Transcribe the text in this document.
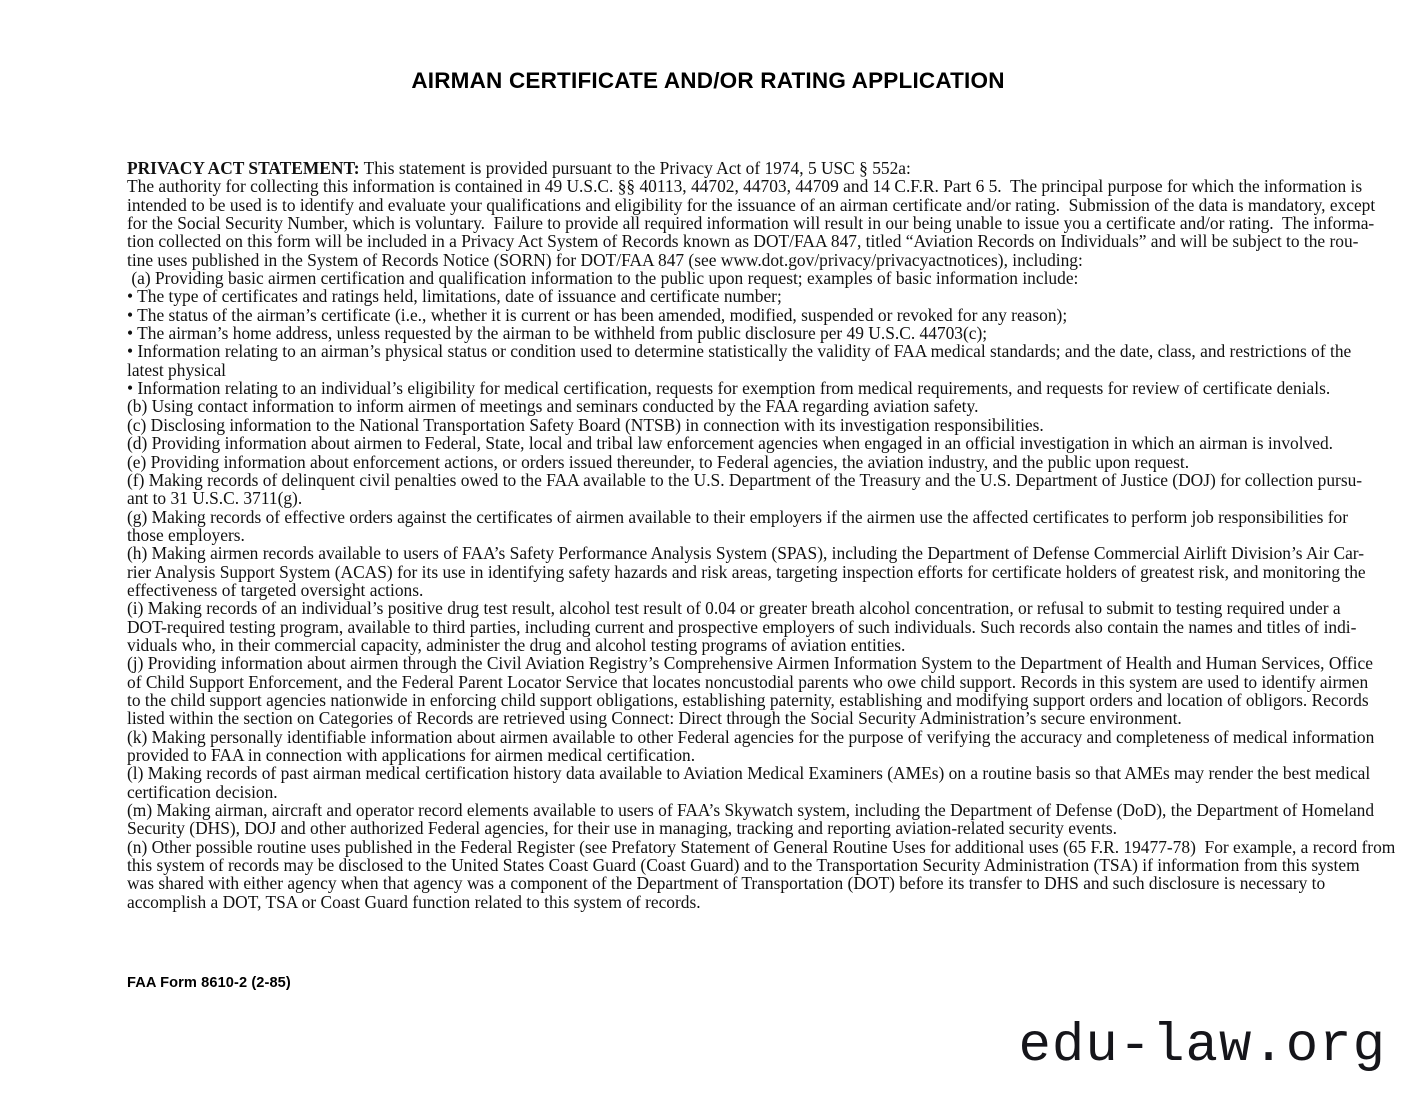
AIRMAN CERTIFICATE AND/OR RATING APPLICATION
PRIVACY ACT STATEMENT: This statement is provided pursuant to the Privacy Act of 1974, 5 USC § 552a:
The authority for collecting this information is contained in 49 U.S.C. §§ 40113, 44702, 44703, 44709 and 14 C.F.R. Part 6 5.  The principal purpose for which the information is
intended to be used is to identify and evaluate your qualifications and eligibility for the issuance of an airman certificate and/or rating.  Submission of the data is mandatory, except
for the Social Security Number, which is voluntary.  Failure to provide all required information will result in our being unable to issue you a certificate and/or rating.  The informa-
tion collected on this form will be included in a Privacy Act System of Records known as DOT/FAA 847, titled “Aviation Records on Individuals” and will be subject to the rou-
tine uses published in the System of Records Notice (SORN) for DOT/FAA 847 (see www.dot.gov/privacy/privacyactnotices), including:
(a) Providing basic airmen certification and qualification information to the public upon request; examples of basic information include:
• The type of certificates and ratings held, limitations, date of issuance and certificate number;
• The status of the airman’s certificate (i.e., whether it is current or has been amended, modified, suspended or revoked for any reason);
• The airman’s home address, unless requested by the airman to be withheld from public disclosure per 49 U.S.C. 44703(c);
• Information relating to an airman’s physical status or condition used to determine statistically the validity of FAA medical standards; and the date, class, and restrictions of the
latest physical
• Information relating to an individual’s eligibility for medical certification, requests for exemption from medical requirements, and requests for review of certificate denials.
(b) Using contact information to inform airmen of meetings and seminars conducted by the FAA regarding aviation safety.
(c) Disclosing information to the National Transportation Safety Board (NTSB) in connection with its investigation responsibilities.
(d) Providing information about airmen to Federal, State, local and tribal law enforcement agencies when engaged in an official investigation in which an airman is involved.
(e) Providing information about enforcement actions, or orders issued thereunder, to Federal agencies, the aviation industry, and the public upon request.
(f) Making records of delinquent civil penalties owed to the FAA available to the U.S. Department of the Treasury and the U.S. Department of Justice (DOJ) for collection pursu-
ant to 31 U.S.C. 3711(g).
(g) Making records of effective orders against the certificates of airmen available to their employers if the airmen use the affected certificates to perform job responsibilities for
those employers.
(h) Making airmen records available to users of FAA’s Safety Performance Analysis System (SPAS), including the Department of Defense Commercial Airlift Division’s Air Car-
rier Analysis Support System (ACAS) for its use in identifying safety hazards and risk areas, targeting inspection efforts for certificate holders of greatest risk, and monitoring the
effectiveness of targeted oversight actions.
(i) Making records of an individual’s positive drug test result, alcohol test result of 0.04 or greater breath alcohol concentration, or refusal to submit to testing required under a
DOT-required testing program, available to third parties, including current and prospective employers of such individuals. Such records also contain the names and titles of indi-
viduals who, in their commercial capacity, administer the drug and alcohol testing programs of aviation entities.
(j) Providing information about airmen through the Civil Aviation Registry’s Comprehensive Airmen Information System to the Department of Health and Human Services, Office
of Child Support Enforcement, and the Federal Parent Locator Service that locates noncustodial parents who owe child support. Records in this system are used to identify airmen
to the child support agencies nationwide in enforcing child support obligations, establishing paternity, establishing and modifying support orders and location of obligors. Records
listed within the section on Categories of Records are retrieved using Connect: Direct through the Social Security Administration’s secure environment.
(k) Making personally identifiable information about airmen available to other Federal agencies for the purpose of verifying the accuracy and completeness of medical information
provided to FAA in connection with applications for airmen medical certification.
(l) Making records of past airman medical certification history data available to Aviation Medical Examiners (AMEs) on a routine basis so that AMEs may render the best medical
certification decision.
(m) Making airman, aircraft and operator record elements available to users of FAA’s Skywatch system, including the Department of Defense (DoD), the Department of Homeland
Security (DHS), DOJ and other authorized Federal agencies, for their use in managing, tracking and reporting aviation-related security events.
(n) Other possible routine uses published in the Federal Register (see Prefatory Statement of General Routine Uses for additional uses (65 F.R. 19477-78)  For example, a record from
this system of records may be disclosed to the United States Coast Guard (Coast Guard) and to the Transportation Security Administration (TSA) if information from this system
was shared with either agency when that agency was a component of the Department of Transportation (DOT) before its transfer to DHS and such disclosure is necessary to
accomplish a DOT, TSA or Coast Guard function related to this system of records.
FAA Form 8610-2 (2-85)
edu-law.org
